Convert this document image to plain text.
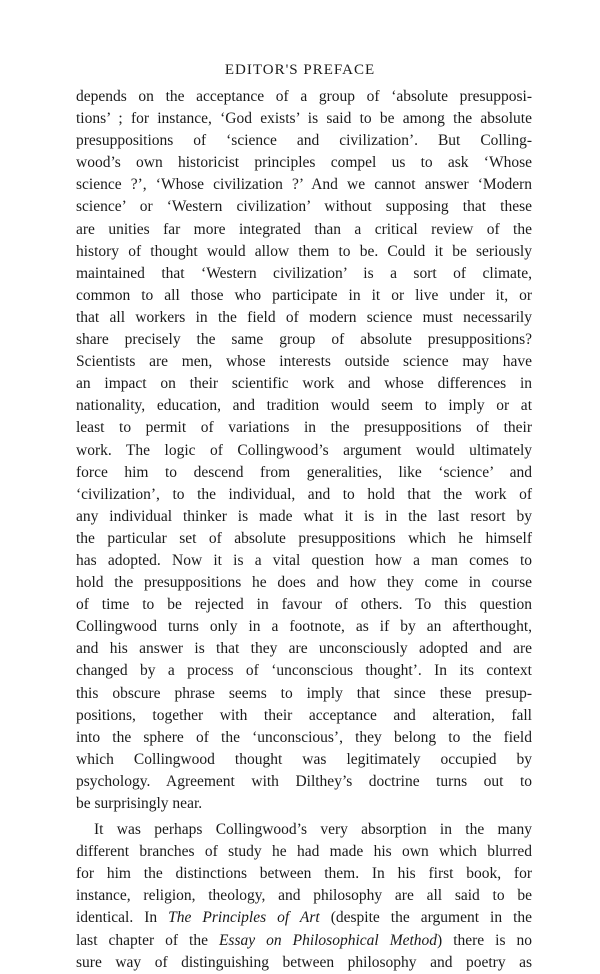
EDITOR'S PREFACE
depends on the acceptance of a group of ‘absolute presupposi-
tions’ ; for instance, ‘God exists’ is said to be among the absolute
presuppositions of ‘science and civilization’. But Colling-
wood’s own historicist principles compel us to ask ‘Whose
science ?’, ‘Whose civilization ?’ And we cannot answer ‘Modern
science’ or ‘Western civilization’ without supposing that these
are unities far more integrated than a critical review of the
history of thought would allow them to be. Could it be seriously
maintained that ‘Western civilization’ is a sort of climate,
common to all those who participate in it or live under it, or
that all workers in the field of modern science must necessarily
share precisely the same group of absolute presuppositions?
Scientists are men, whose interests outside science may have
an impact on their scientific work and whose differences in
nationality, education, and tradition would seem to imply or at
least to permit of variations in the presuppositions of their
work. The logic of Collingwood’s argument would ultimately
force him to descend from generalities, like ‘science’ and
‘civilization’, to the individual, and to hold that the work of
any individual thinker is made what it is in the last resort by
the particular set of absolute presuppositions which he himself
has adopted. Now it is a vital question how a man comes to
hold the presuppositions he does and how they come in course
of time to be rejected in favour of others. To this question
Collingwood turns only in a footnote, as if by an afterthought,
and his answer is that they are unconsciously adopted and are
changed by a process of ‘unconscious thought’. In its context
this obscure phrase seems to imply that since these presup-
positions, together with their acceptance and alteration, fall
into the sphere of the ‘unconscious’, they belong to the field
which Collingwood thought was legitimately occupied by
psychology. Agreement with Dilthey’s doctrine turns out to
be surprisingly near.
It was perhaps Collingwood’s very absorption in the many
different branches of study he had made his own which blurred
for him the distinctions between them. In his first book, for
instance, religion, theology, and philosophy are all said to be
identical. In The Principles of Art (despite the argument in the
last chapter of the Essay on Philosophical Method) there is no
sure way of distinguishing between philosophy and poetry as
